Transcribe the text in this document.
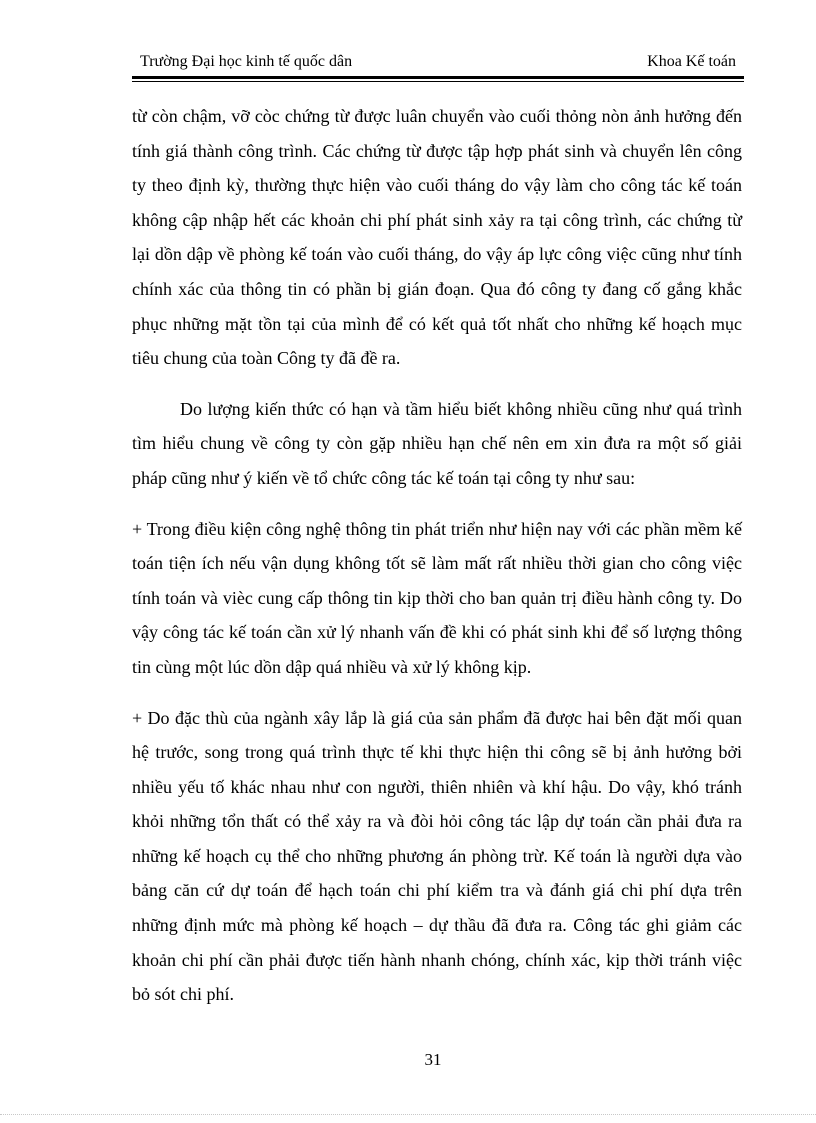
Trường Đại học kinh tế quốc dân	Khoa Kế toán

từ còn chậm, vỡ còc chứng từ được luân chuyển vào cuối thỏng nòn ảnh hưởng đến tính giá thành công trình. Các chứng từ được tập hợp phát sinh và chuyển lên công ty theo định kỳ, thường thực hiện vào cuối tháng do vậy làm cho công tác kế toán không cập nhập hết các khoản chi phí phát sinh xảy ra tại công trình, các chứng từ lại dồn dập về phòng kế toán vào cuối tháng, do vậy áp lực công việc cũng như tính chính xác của thông tin có phần bị gián đoạn. Qua đó công ty đang cố gắng khắc phục những mặt tồn tại của mình để có kết quả tốt nhất cho những kế hoạch mục tiêu chung của toàn Công ty đã đề ra.

Do lượng kiến thức có hạn và tầm hiểu biết không nhiều cũng như quá trình tìm hiểu chung về công ty còn gặp nhiều hạn chế nên em xin đưa ra một số giải pháp cũng như ý kiến về tổ chức công tác kế toán tại công ty như sau:

+ Trong điều kiện công nghệ thông tin phát triển như hiện nay với các phần mềm kế toán tiện ích nếu vận dụng không tốt sẽ làm mất rất nhiều thời gian cho công việc tính toán và vièc cung cấp thông tin kịp thời cho ban quản trị điều hành công ty. Do vậy công tác kế toán cần xử lý nhanh vấn đề khi có phát sinh khi để số lượng thông tin cùng một lúc dồn dập quá nhiều và xử lý không kịp.

+ Do đặc thù của ngành xây lắp là giá của sản phẩm đã được hai bên đặt mối quan hệ trước, song trong quá trình thực tế khi thực hiện thi công sẽ bị ảnh hưởng bởi nhiều yếu tố khác nhau như con người, thiên nhiên và khí hậu. Do vậy, khó tránh khỏi những tổn thất có thể xảy ra và đòi hỏi công tác lập dự toán cần phải đưa ra những kế hoạch cụ thể cho những phương án phòng trừ. Kế toán là người dựa vào bảng căn cứ dự toán để hạch toán chi phí kiểm tra và đánh giá chi phí dựa trên những định mức mà phòng kế hoạch – dự thầu đã đưa ra. Công tác ghi giảm các khoản chi phí cần phải được tiến hành nhanh chóng, chính xác, kịp thời tránh việc bỏ sót chi phí.

31
